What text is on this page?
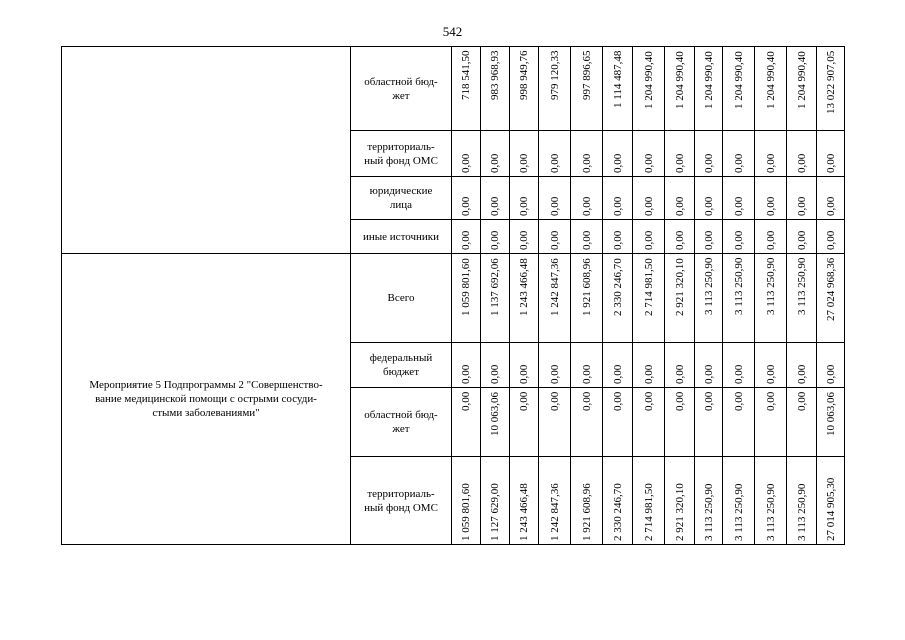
542
	областной бюд-
жет	718 541,50	983 968,93	998 949,76	979 120,33	997 896,65	1 114 487,48	1 204 990,40	1 204 990,40	1 204 990,40	1 204 990,40	1 204 990,40	1 204 990,40	13 022 907,05

	территориаль-
ный фонд ОМС	0,00	0,00	0,00	0,00	0,00	0,00	0,00	0,00	0,00	0,00	0,00	0,00	0,00

	юридические
лица	0,00	0,00	0,00	0,00	0,00	0,00	0,00	0,00	0,00	0,00	0,00	0,00	0,00

	иные источники	0,00	0,00	0,00	0,00	0,00	0,00	0,00	0,00	0,00	0,00	0,00	0,00	0,00

Мероприятие 5 Подпрограммы 2 "Совершенство-
вание медицинской помощи с острыми сосуди-
стыми заболеваниями"	Всего	1 059 801,60	1 137 692,06	1 243 466,48	1 242 847,36	1 921 608,96	2 330 246,70	2 714 981,50	2 921 320,10	3 113 250,90	3 113 250,90	3 113 250,90	3 113 250,90	27 024 968,36

	федеральный
бюджет	0,00	0,00	0,00	0,00	0,00	0,00	0,00	0,00	0,00	0,00	0,00	0,00	0,00

	областной бюд-
жет	0,00	10 063,06	0,00	0,00	0,00	0,00	0,00	0,00	0,00	0,00	0,00	0,00	10 063,06

	территориаль-
ный фонд ОМС	1 059 801,60	1 127 629,00	1 243 466,48	1 242 847,36	1 921 608,96	2 330 246,70	2 714 981,50	2 921 320,10	3 113 250,90	3 113 250,90	3 113 250,90	3 113 250,90	27 014 905,30
